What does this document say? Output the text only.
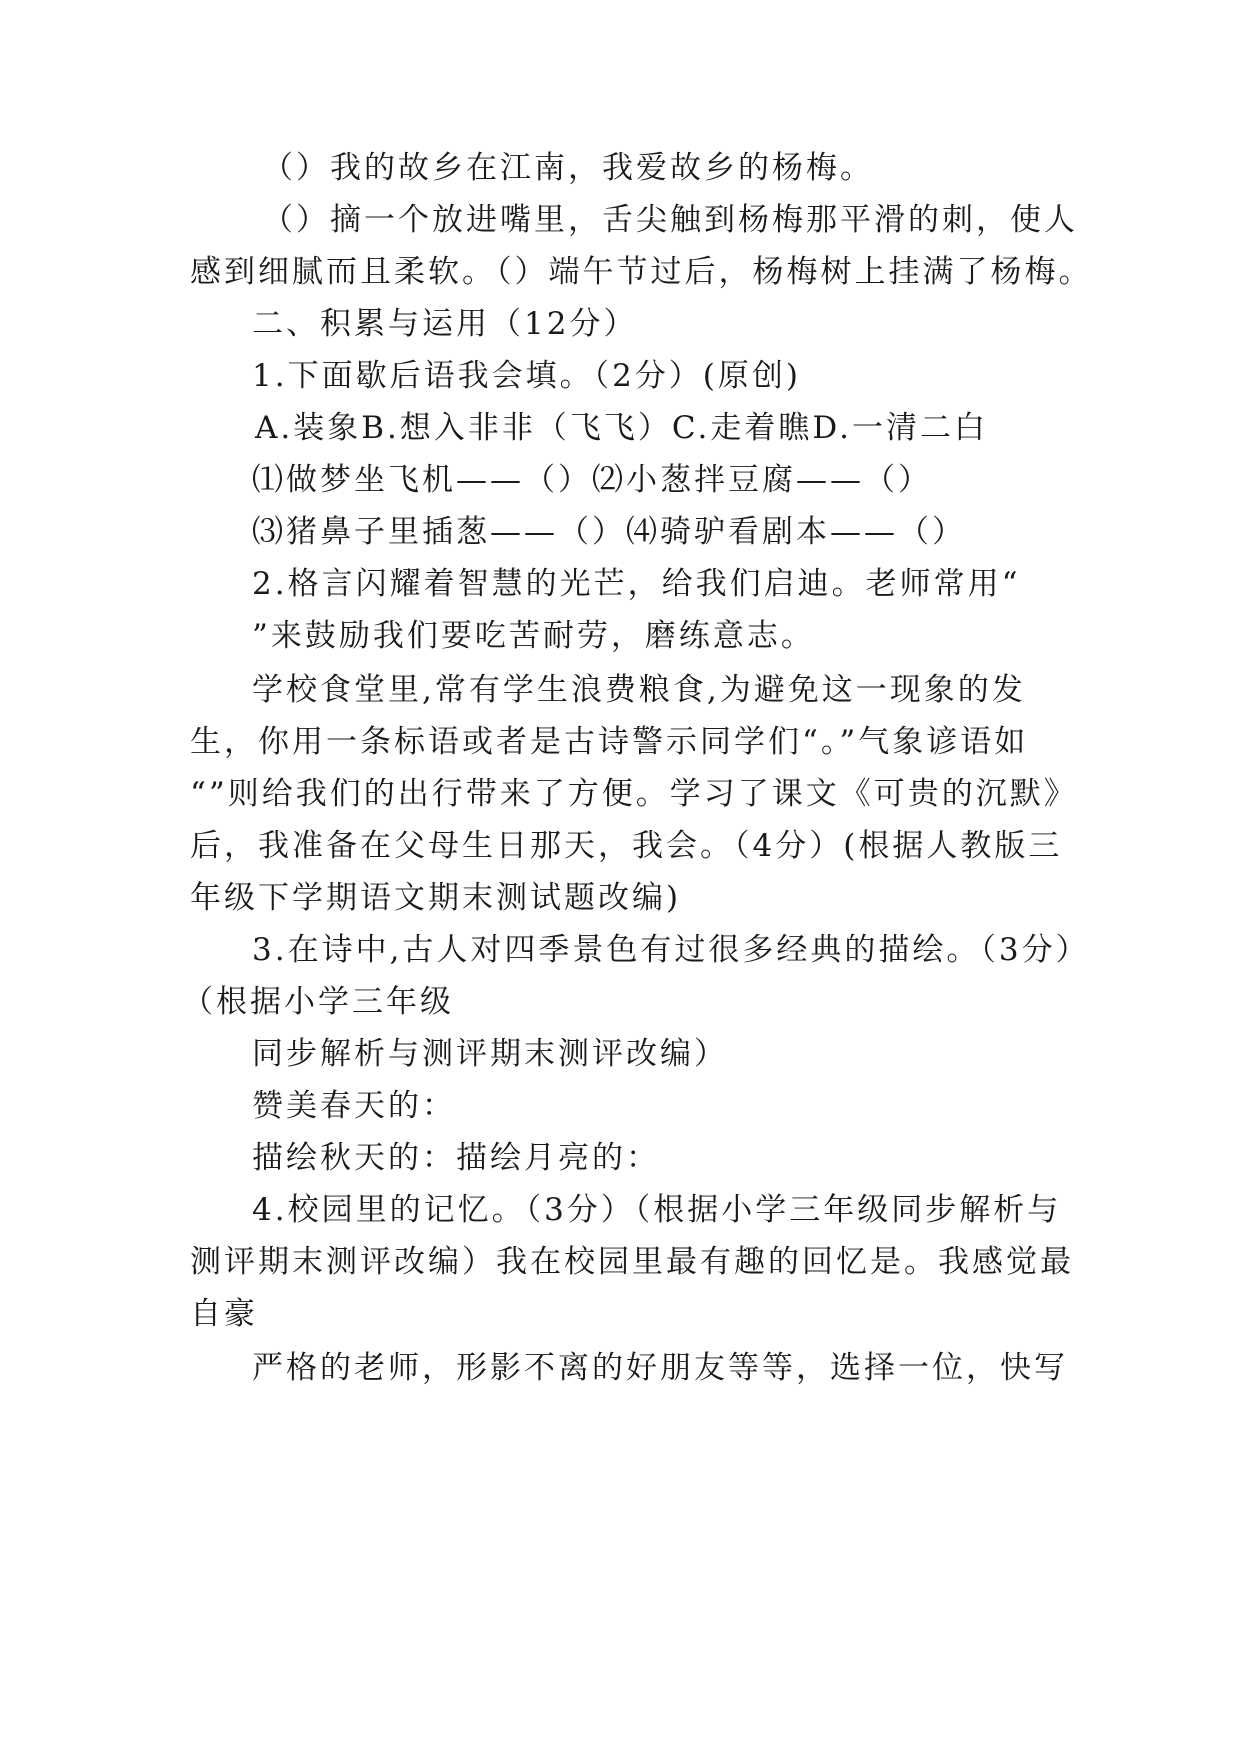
（）我的故乡在江南，我爱故乡的杨梅。
（）摘一个放进嘴里，舌尖触到杨梅那平滑的刺，使人
感到细腻而且柔软。（）端午节过后，杨梅树上挂满了杨梅。
二、积累与运用（12分）
1.下面歇后语我会填。（2分）(原创)
A.装象B.想入非非（飞飞）C.走着瞧D.一清二白
⑴做梦坐飞机——（）⑵小葱拌豆腐——（）
⑶猪鼻子里插葱——（）⑷骑驴看剧本——（）
2.格言闪耀着智慧的光芒，给我们启迪。老师常用“
”来鼓励我们要吃苦耐劳，磨练意志。
学校食堂里,常有学生浪费粮食,为避免这一现象的发
生，你用一条标语或者是古诗警示同学们“。”气象谚语如
“”则给我们的出行带来了方便。学习了课文《可贵的沉默》
后，我准备在父母生日那天，我会。（4分）(根据人教版三
年级下学期语文期末测试题改编)
3.在诗中,古人对四季景色有过很多经典的描绘。（3分）
（根据小学三年级
同步解析与测评期末测评改编）
赞美春天的：
描绘秋天的：描绘月亮的：
4.校园里的记忆。（3分）（根据小学三年级同步解析与
测评期末测评改编）我在校园里最有趣的回忆是。我感觉最
自豪
严格的老师，形影不离的好朋友等等，选择一位，快写
